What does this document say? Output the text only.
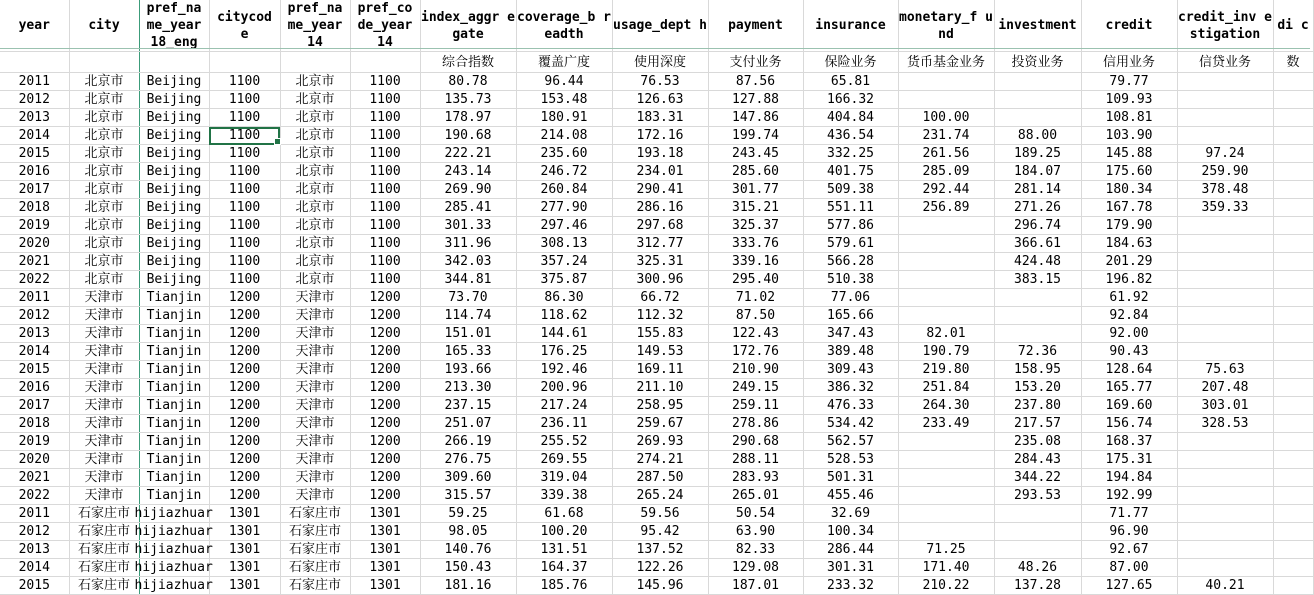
year	city	pref_na me_year 18_eng	citycod e	pref_na me_year 14	pref_co de_year 14	index_aggr egate	coverage_b readth	usage_dept h	payment	insurance	monetary_f und	investment	credit	credit_inv estigation	di c
						综合指数	覆盖广度	使用深度	支付业务	保险业务	货币基金业务	投资业务	信用业务	信贷业务	数
2011	北京市	Beijing	1100	北京市	1100	80.78	96.44	76.53	87.56	65.81			79.77		
2012	北京市	Beijing	1100	北京市	1100	135.73	153.48	126.63	127.88	166.32			109.93		
2013	北京市	Beijing	1100	北京市	1100	178.97	180.91	183.31	147.86	404.84	100.00		108.81		
2014	北京市	Beijing	1100	北京市	1100	190.68	214.08	172.16	199.74	436.54	231.74	88.00	103.90		
2015	北京市	Beijing	1100	北京市	1100	222.21	235.60	193.18	243.45	332.25	261.56	189.25	145.88	97.24	
2016	北京市	Beijing	1100	北京市	1100	243.14	246.72	234.01	285.60	401.75	285.09	184.07	175.60	259.90	
2017	北京市	Beijing	1100	北京市	1100	269.90	260.84	290.41	301.77	509.38	292.44	281.14	180.34	378.48	
2018	北京市	Beijing	1100	北京市	1100	285.41	277.90	286.16	315.21	551.11	256.89	271.26	167.78	359.33	
2019	北京市	Beijing	1100	北京市	1100	301.33	297.46	297.68	325.37	577.86		296.74	179.90		
2020	北京市	Beijing	1100	北京市	1100	311.96	308.13	312.77	333.76	579.61		366.61	184.63		
2021	北京市	Beijing	1100	北京市	1100	342.03	357.24	325.31	339.16	566.28		424.48	201.29		
2022	北京市	Beijing	1100	北京市	1100	344.81	375.87	300.96	295.40	510.38		383.15	196.82		
2011	天津市	Tianjin	1200	天津市	1200	73.70	86.30	66.72	71.02	77.06			61.92		
2012	天津市	Tianjin	1200	天津市	1200	114.74	118.62	112.32	87.50	165.66			92.84		
2013	天津市	Tianjin	1200	天津市	1200	151.01	144.61	155.83	122.43	347.43	82.01		92.00		
2014	天津市	Tianjin	1200	天津市	1200	165.33	176.25	149.53	172.76	389.48	190.79	72.36	90.43		
2015	天津市	Tianjin	1200	天津市	1200	193.66	192.46	169.11	210.90	309.43	219.80	158.95	128.64	75.63	
2016	天津市	Tianjin	1200	天津市	1200	213.30	200.96	211.10	249.15	386.32	251.84	153.20	165.77	207.48	
2017	天津市	Tianjin	1200	天津市	1200	237.15	217.24	258.95	259.11	476.33	264.30	237.80	169.60	303.01	
2018	天津市	Tianjin	1200	天津市	1200	251.07	236.11	259.67	278.86	534.42	233.49	217.57	156.74	328.53	
2019	天津市	Tianjin	1200	天津市	1200	266.19	255.52	269.93	290.68	562.57		235.08	168.37		
2020	天津市	Tianjin	1200	天津市	1200	276.75	269.55	274.21	288.11	528.53		284.43	175.31		
2021	天津市	Tianjin	1200	天津市	1200	309.60	319.04	287.50	283.93	501.31		344.22	194.84		
2022	天津市	Tianjin	1200	天津市	1200	315.57	339.38	265.24	265.01	455.46		293.53	192.99		
2011	石家庄市	hijiazhuar	1301	石家庄市	1301	59.25	61.68	59.56	50.54	32.69			71.77		
2012	石家庄市	hijiazhuar	1301	石家庄市	1301	98.05	100.20	95.42	63.90	100.34			96.90		
2013	石家庄市	hijiazhuar	1301	石家庄市	1301	140.76	131.51	137.52	82.33	286.44	71.25		92.67		
2014	石家庄市	hijiazhuar	1301	石家庄市	1301	150.43	164.37	122.26	129.08	301.31	171.40	48.26	87.00		
2015	石家庄市	hijiazhuar	1301	石家庄市	1301	181.16	185.76	145.96	187.01	233.32	210.22	137.28	127.65	40.21	
